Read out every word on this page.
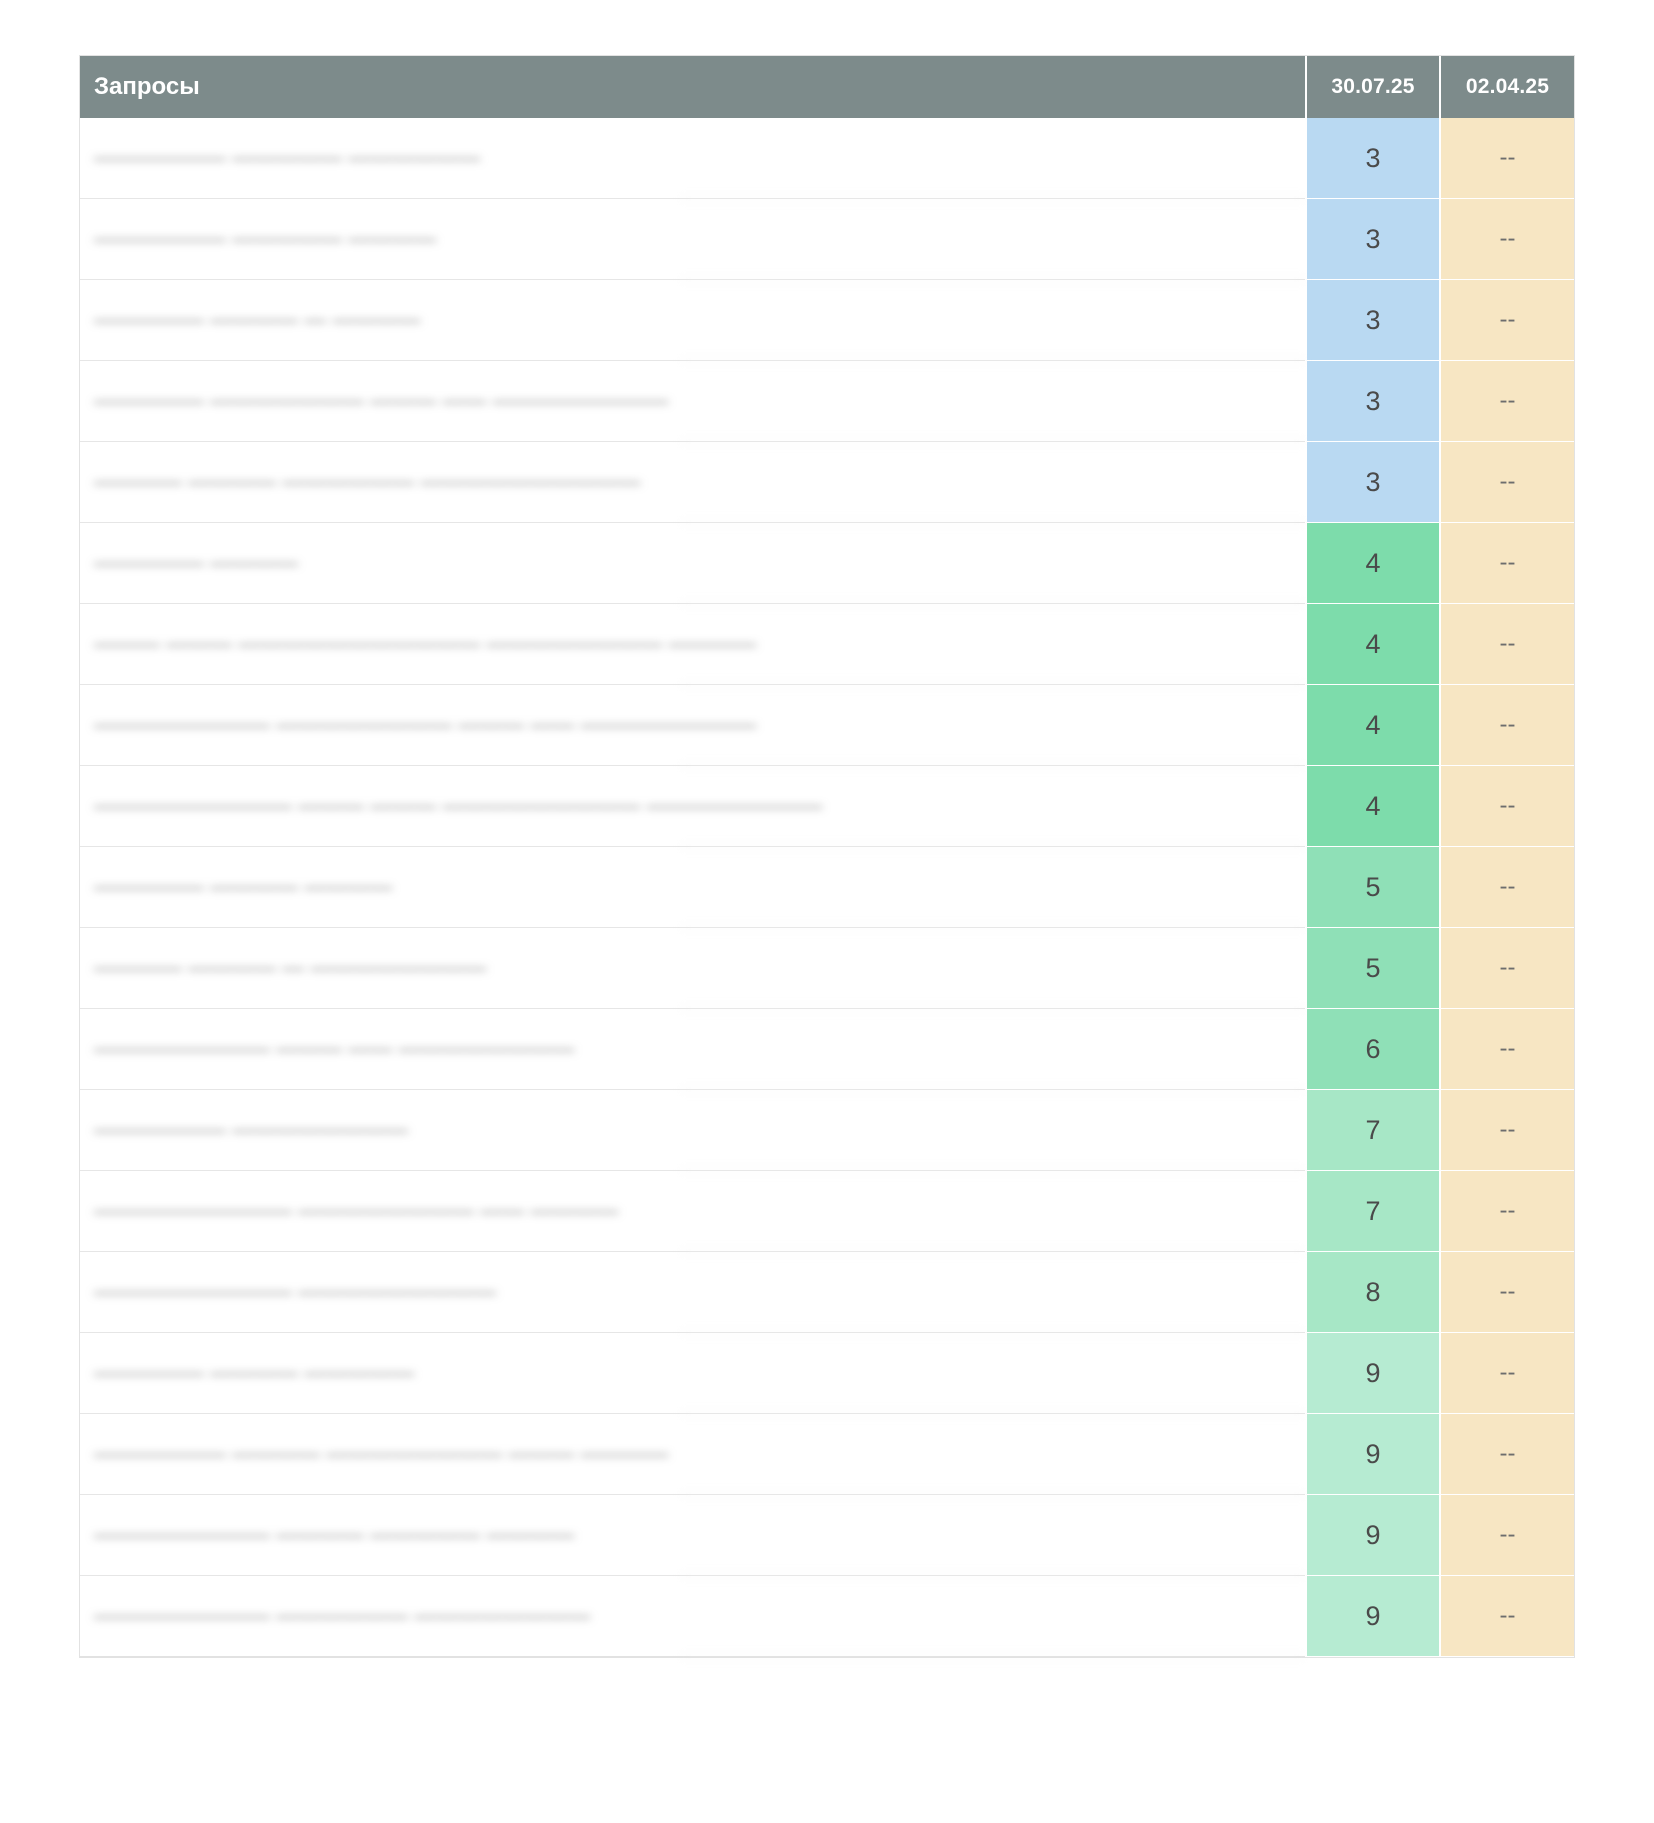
Запросы	30.07.25	02.04.25
—————— ————— ——————	3	--
—————— ————— ————	3	--
————— ———— — ————	3	--
————— ——————— ——— —— ————————	3	--
———— ———— —————— ——————————	3	--
————— ————	4	--
——— ——— ——————————— ———————— ————	4	--
———————— ———————— ——— —— ————————	4	--
————————— ——— ——— ————————— ————————	4	--
————— ———— ————	5	--
———— ———— — ————————	5	--
———————— ——— —— ————————	6	--
—————— ————————	7	--
————————— ———————— —— ————	7	--
————————— —————————	8	--
————— ———— —————	9	--
—————— ———— ———————— ——— ————	9	--
———————— ———— ————— ————	9	--
———————— —————— ————————	9	--
